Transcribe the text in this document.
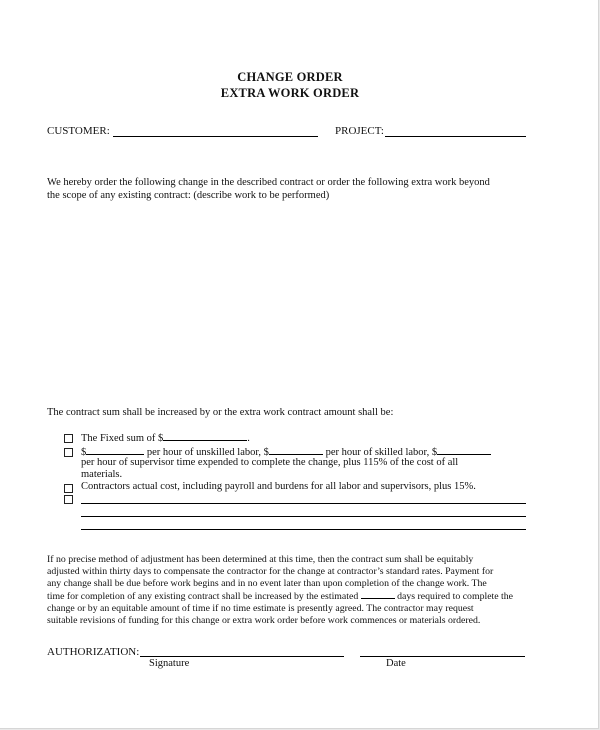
CHANGE ORDER
EXTRA WORK ORDER
CUSTOMER:	PROJECT:
We hereby order the following change in the described contract or order the following extra work beyond
the scope of any existing contract: (describe work to be performed)
The contract sum shall be increased by or the extra work contract amount shall be:
The Fixed sum of $	.
$	per hour of unskilled labor, $	per hour of skilled labor, $
per hour of supervisor time expended to complete the change, plus 115% of the cost of all
materials.
Contractors actual cost, including payroll and burdens for all labor and supervisors, plus 15%.
If no precise method of adjustment has been determined at this time, then the contract sum shall be equitably
adjusted within thirty days to compensate the contractor for the change at contractor’s standard rates. Payment for
any change shall be due before work begins and in no event later than upon completion of the change work. The
time for completion of any existing contract shall be increased by the estimated	days required to complete the
change or by an equitable amount of time if no time estimate is presently agreed. The contractor may request
suitable revisions of funding for this change or extra work order before work commences or materials ordered.
AUTHORIZATION:
Signature	Date
